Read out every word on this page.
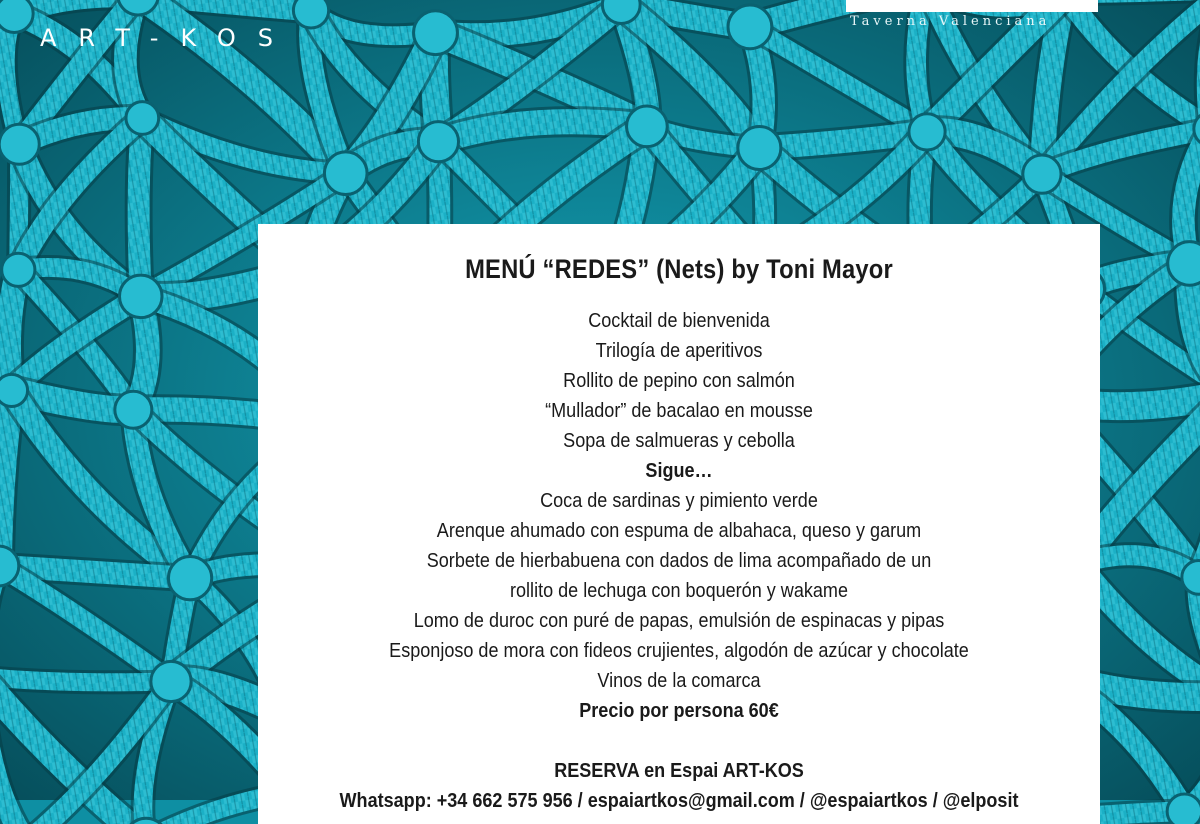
ART-KOS
Taverna Valenciana
MENÚ “REDES” (Nets) by Toni Mayor
Cocktail de bienvenida
Trilogía de aperitivos
Rollito de pepino con salmón
“Mullador” de bacalao en mousse
Sopa de salmueras y cebolla
Sigue…
Coca de sardinas y pimiento verde
Arenque ahumado con espuma de albahaca, queso y garum
Sorbete de hierbabuena con dados de lima acompañado de un
rollito de lechuga con boquerón y wakame
Lomo de duroc con puré de papas, emulsión de espinacas y pipas
Esponjoso de mora con fideos crujientes, algodón de azúcar y chocolate
Vinos de la comarca
Precio por persona 60€
RESERVA en Espai ART-KOS
Whatsapp: +34 662 575 956 / espaiartkos@gmail.com / @espaiartkos / @elposit
